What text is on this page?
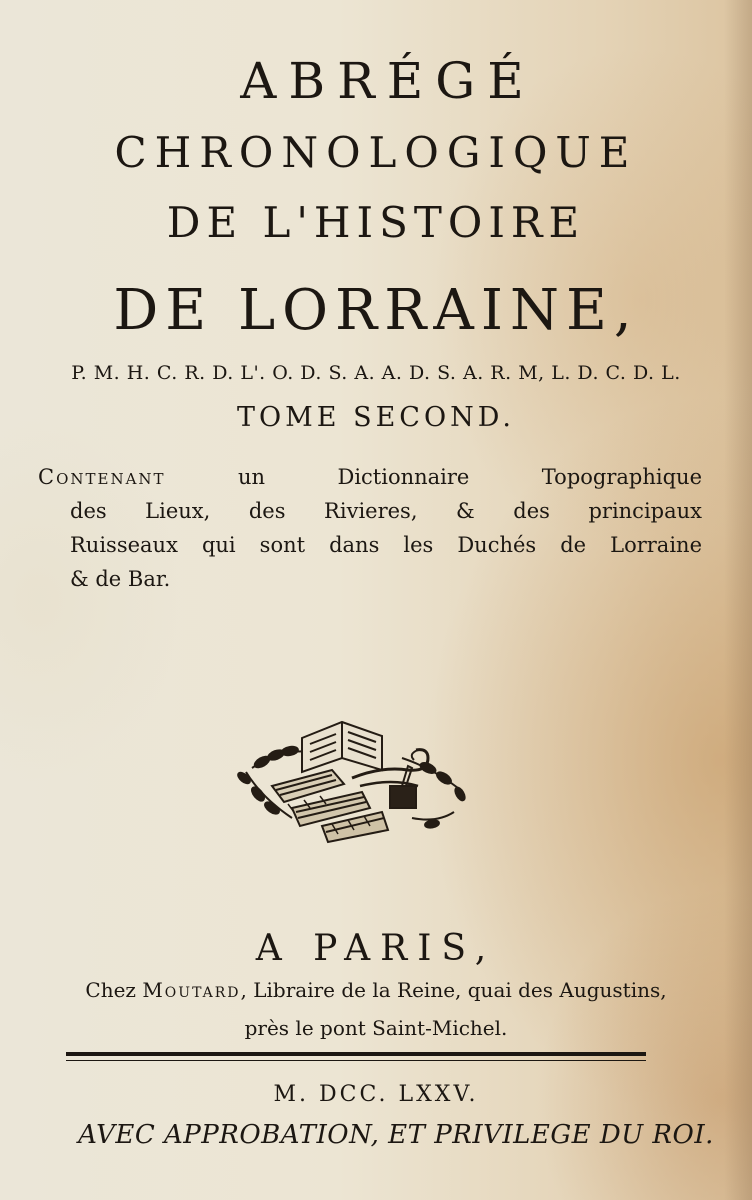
ABRÉGÉ

CHRONOLOGIQUE

DE L'HISTOIRE

DE LORRAINE,

P. M. H. C. R. D. L'. O. D. S. A. A. D. S. A. R. M, L. D. C. D. L.

TOME SECOND.

Contenant	un Dictionnaire Topographique
des Lieux, des Rivieres, & des principaux
Ruisseaux qui sont dans les Duchés de Lorraine
& de Bar.

A PARIS,

Chez Moutard, Libraire de la Reine, quai des Augustins,

près le pont Saint-Michel.

M. DCC. LXXV.

AVEC APPROBATION, ET PRIVILEGE DU ROI.
